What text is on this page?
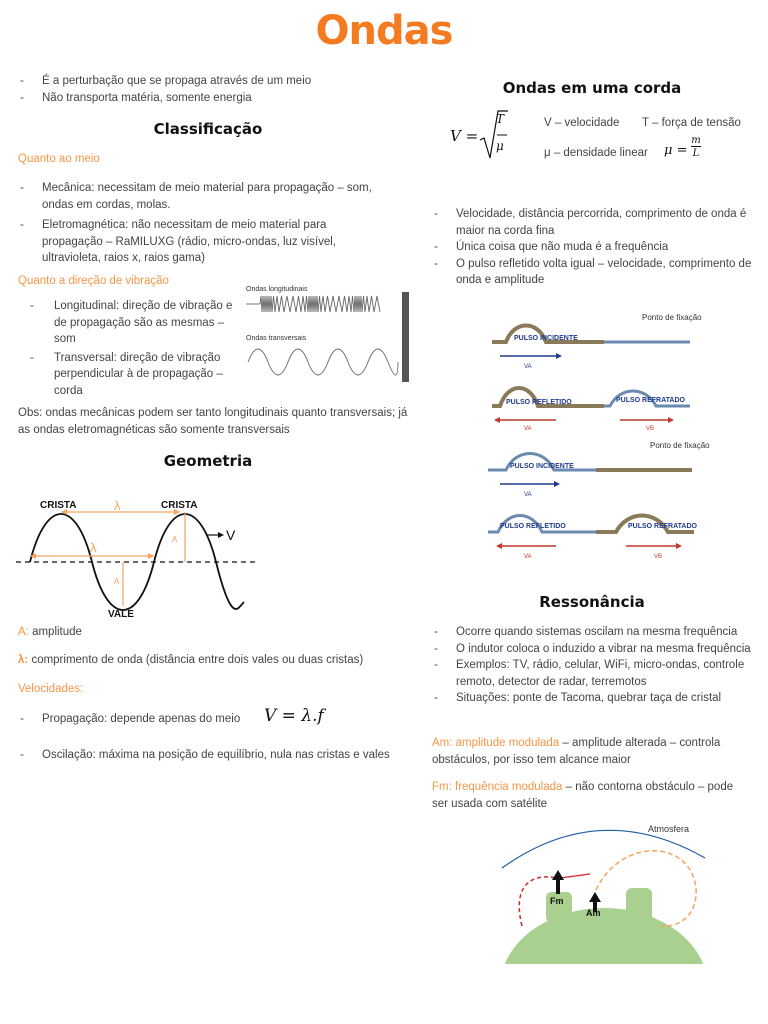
Ondas
- É a perturbação que se propaga através de um meio
- Não transporta matéria, somente energia
Classificação
Quanto ao meio
- Mecânica: necessitam de meio material para propagação – som, ondas em cordas, molas.
- Eletromagnética: não necessitam de meio material para propagação – RaMILUXG (rádio, micro-ondas, luz visível, ultravioleta, raios x, raios gama)
Quanto a direção de vibração
- Longitudinal: direção de vibração e de propagação são as mesmas – som
- Transversal: direção de vibração perpendicular à de propagação – corda
Ondas longitudinais
Ondas transversais
Obs: ondas mecânicas podem ser tanto longitudinais quanto transversais; já as ondas eletromagnéticas são somente transversais
Geometria
λ
λ
A
A
CRISTA	CRISTA
VALE
V
A: amplitude
λ: comprimento de onda (distância entre dois vales ou duas cristas)
Velocidades:
- Propagação: depende apenas do meio	V = λ.f
- Oscilação: máxima na posição de equilíbrio, nula nas cristas e vales
Ondas em uma corda
V =
T
μ
V – velocidade T – força de tensão
μ – densidade linear μ =
m
L
- Velocidade, distância percorrida, comprimento de onda é maior na corda fina
- Única coisa que não muda é a frequência
- O pulso refletido volta igual – velocidade, comprimento de onda e amplitude
Ponto de fixação
PULSO INCIDENTE
VA
PULSO REFLETIDO	PULSO REFRATADO
VA	VB
Ponto de fixação
PULSO INCIDENTE
VA
PULSO REFLETIDO	PULSO REFRATADO
VA	VB
Ressonância
- Ocorre quando sistemas oscilam na mesma frequência
- O indutor coloca o induzido a vibrar na mesma frequência
- Exemplos: TV, rádio, celular, WiFi, micro-ondas, controle remoto, detector de radar, terremotos
- Situações: ponte de Tacoma, quebrar taça de cristal
Am: amplitude modulada – amplitude alterada – controla obstáculos, por isso tem alcance maior
Fm: frequência modulada – não contorna obstáculo – pode ser usada com satélite
Atmosfera
Fm
Am
